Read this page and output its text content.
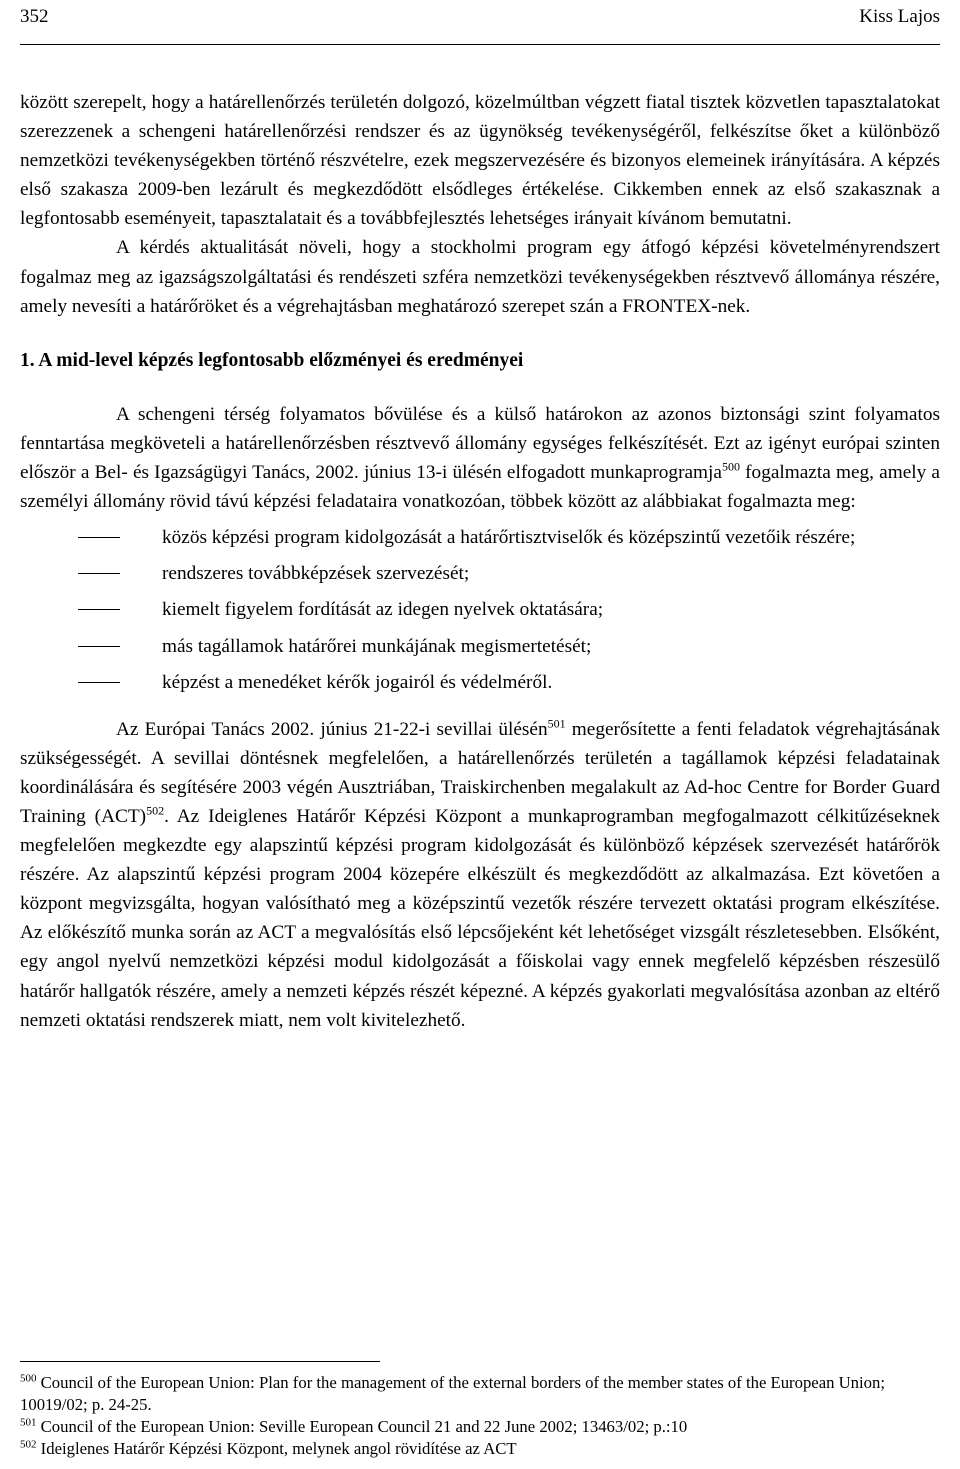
352	Kiss Lajos

között szerepelt, hogy a határellenőrzés területén dolgozó, közelmúltban végzett fiatal tisztek közvetlen tapasztalatokat szerezzenek a schengeni határellenőrzési rendszer és az ügynökség tevékenységéről, felkészítse őket a különböző nemzetközi tevékenységekben történő részvételre, ezek megszervezésére és bizonyos elemeinek irányítására. A képzés első szakasza 2009-ben lezárult és megkezdődött elsődleges értékelése. Cikkemben ennek az első szakasznak a legfontosabb eseményeit, tapasztalatait és a továbbfejlesztés lehetséges irányait kívánom bemutatni.

A kérdés aktualitását növeli, hogy a stockholmi program egy átfogó képzési követelményrendszert fogalmaz meg az igazságszolgáltatási és rendészeti szféra nemzetközi tevékenységekben résztvevő állománya részére, amely nevesíti a határőröket és a végrehajtásban meghatározó szerepet szán a FRONTEX-nek.

1. A mid-level képzés legfontosabb előzményei és eredményei

A schengeni térség folyamatos bővülése és a külső határokon az azonos biztonsági szint folyamatos fenntartása megköveteli a határellenőrzésben résztvevő állomány egységes felkészítését. Ezt az igényt európai szinten először a Bel- és Igazságügyi Tanács, 2002. június 13-i ülésén elfogadott munkaprogramja$^{500}$ fogalmazta meg, amely a személyi állomány rövid távú képzési feladataira vonatkozóan, többek között az alábbiakat fogalmazta meg:

közös képzési program kidolgozását a határőrtisztviselők és középszintű vezetőik részére;
rendszeres továbbképzések szervezését;
kiemelt figyelem fordítását az idegen nyelvek oktatására;
más tagállamok határőrei munkájának megismertetését;
képzést a menedéket kérők jogairól és védelméről.

Az Európai Tanács 2002. június 21-22-i sevillai ülésén$^{501}$ megerősítette a fenti feladatok végrehajtásának szükségességét. A sevillai döntésnek megfelelően, a határellenőrzés területén a tagállamok képzési feladatainak koordinálására és segítésére 2003 végén Ausztriában, Traiskirchenben megalakult az Ad-hoc Centre for Border Guard Training (ACT)$^{502}$. Az Ideiglenes Határőr Képzési Központ a munkaprogramban megfogalmazott célkitűzéseknek megfelelően megkezdte egy alapszintű képzési program kidolgozását és különböző képzések szervezését határőrök részére. Az alapszintű képzési program 2004 közepére elkészült és megkezdődött az alkalmazása. Ezt követően a központ megvizsgálta, hogyan valósítható meg a középszintű vezetők részére tervezett oktatási program elkészítése. Az előkészítő munka során az ACT a megvalósítás első lépcsőjeként két lehetőséget vizsgált részletesebben. Elsőként, egy angol nyelvű nemzetközi képzési modul kidolgozását a főiskolai vagy ennek megfelelő képzésben részesülő határőr hallgatók részére, amely a nemzeti képzés részét képezné. A képzés gyakorlati megvalósítása azonban az eltérő nemzeti oktatási rendszerek miatt, nem volt kivitelezhető.

$^{500}$ Council of the European Union: Plan for the management of the external borders of the member states of the European Union; 10019/02; p. 24-25.

$^{501}$ Council of the European Union: Seville European Council 21 and 22 June 2002; 13463/02; p.:10

$^{502}$ Ideiglenes Határőr Képzési Központ, melynek angol rövidítése az ACT
